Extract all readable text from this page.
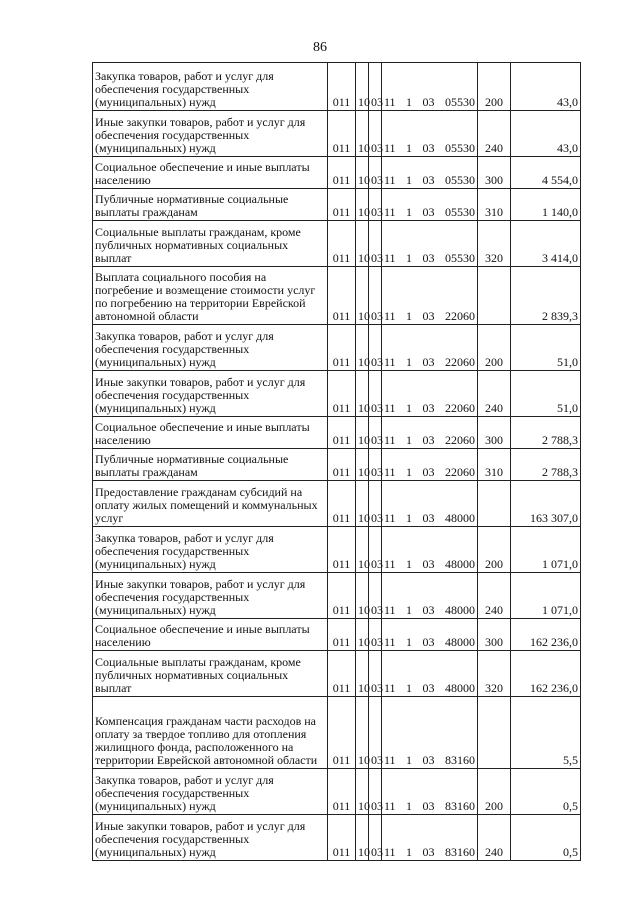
86
Закупка товаров, работ и услуг для обеспечения государственных (муниципальных) нужд	011	10	03	11 1 03 05530	200	43,0
Иные закупки товаров, работ и услуг для обеспечения государственных (муниципальных) нужд	011	10	03	11 1 03 05530	240	43,0
Социальное обеспечение и иные выплаты населению	011	10	03	11 1 03 05530	300	4 554,0
Публичные нормативные социальные выплаты гражданам	011	10	03	11 1 03 05530	310	1 140,0
Социальные выплаты гражданам, кроме публичных нормативных социальных выплат	011	10	03	11 1 03 05530	320	3 414,0
Выплата социального пособия на погребение и возмещение стоимости услуг по погребению на территории Еврейской автономной области	011	10	03	11 1 03 22060		2 839,3
Закупка товаров, работ и услуг для обеспечения государственных (муниципальных) нужд	011	10	03	11 1 03 22060	200	51,0
Иные закупки товаров, работ и услуг для обеспечения государственных (муниципальных) нужд	011	10	03	11 1 03 22060	240	51,0
Социальное обеспечение и иные выплаты населению	011	10	03	11 1 03 22060	300	2 788,3
Публичные нормативные социальные выплаты гражданам	011	10	03	11 1 03 22060	310	2 788,3
Предоставление гражданам субсидий на оплату жилых помещений и коммунальных услуг	011	10	03	11 1 03 48000		163 307,0
Закупка товаров, работ и услуг для обеспечения государственных (муниципальных) нужд	011	10	03	11 1 03 48000	200	1 071,0
Иные закупки товаров, работ и услуг для обеспечения государственных (муниципальных) нужд	011	10	03	11 1 03 48000	240	1 071,0
Социальное обеспечение и иные выплаты населению	011	10	03	11 1 03 48000	300	162 236,0
Социальные выплаты гражданам, кроме публичных нормативных социальных выплат	011	10	03	11 1 03 48000	320	162 236,0
Компенсация гражданам части расходов на оплату за твердое топливо для отопления жилищного фонда, расположенного на территории Еврейской автономной области	011	10	03	11 1 03 83160		5,5
Закупка товаров, работ и услуг для обеспечения государственных (муниципальных) нужд	011	10	03	11 1 03 83160	200	0,5
Иные закупки товаров, работ и услуг для обеспечения государственных (муниципальных) нужд	011	10	03	11 1 03 83160	240	0,5
